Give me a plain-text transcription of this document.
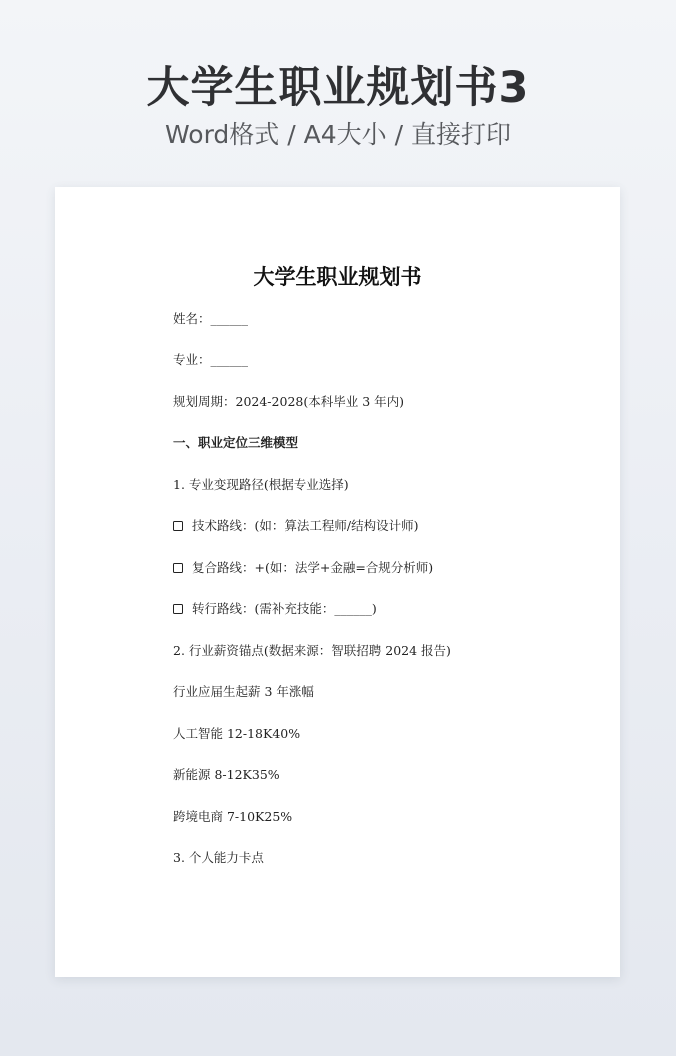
大学生职业规划书3
Word格式 / A4大小 / 直接打印
大学生职业规划书
姓名：______
专业：______
规划周期：2024-2028(本科毕业 3 年内)
一、职业定位三维模型
1. 专业变现路径(根据专业选择)
技术路线：(如：算法工程师/结构设计师)
复合路线：+(如：法学+金融=合规分析师)
转行路线：(需补充技能：______)
2. 行业薪资锚点(数据来源：智联招聘 2024 报告)
行业应届生起薪 3 年涨幅
人工智能 12-18K40%
新能源 8-12K35%
跨境电商 7-10K25%
3. 个人能力卡点
